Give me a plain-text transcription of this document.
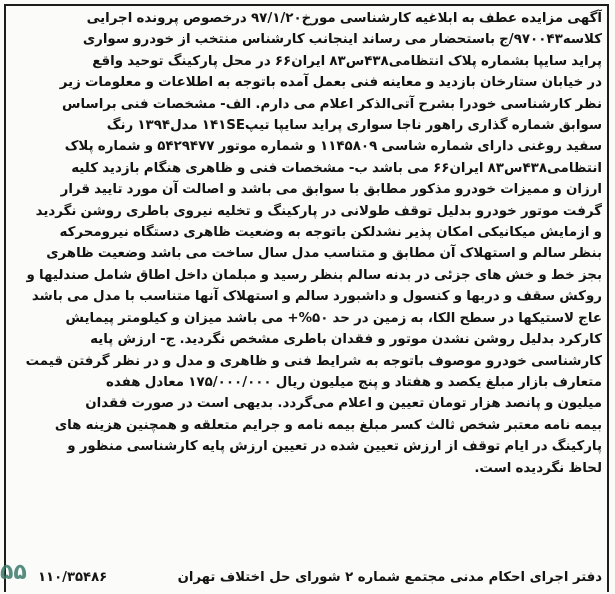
آگهی مزایده عطف به ابلاغیه کارشناسی مورخ۹۷/۱/۲۰ درخصوص پرونده اجرایی
کلاسه۹۷۰۰۴۳/ج باستحضار می رساند اینجانب کارشناس منتخب از خودرو سواری
پراید سایپا بشماره پلاک انتظامی۴۳۸س۸۳ ایران۶۶ در محل پارکینگ توحید واقع
در خیابان ستارخان بازدید و معاینه فنی بعمل آمده باتوجه به اطلاعات و معلومات زیر
نظر کارشناسی خودرا بشرح آتی‌الذکر اعلام می دارم. الف- مشخصات فنی براساس
سوابق شماره گذاری راهور ناجا سواری پراید سایپا تیپ۱۴۱SE مدل۱۳۹۴ رنگ
سفید روغنی دارای شماره شاسی ۱۱۴۵۸۰۹ و شماره موتور ۵۴۲۹۴۷۷ و شماره پلاک
انتظامی۴۳۸س۸۳ ایران۶۶ می باشد ب- مشخصات فنی و ظاهری هنگام بازدید کلیه
ارزان و ممیزات خودرو مذکور مطابق با سوابق می باشد و اصالت آن مورد تایید قرار
گرفت موتور خودرو بدلیل توقف طولانی در پارکینگ و تخلیه نیروی باطری روشن نگردید
و ازمایش میکانیکی امکان پذیر نشدلکن باتوجه به وضعیت ظاهری دستگاه نیرومحرکه
بنظر سالم و استهلاک آن مطابق و متناسب مدل سال ساخت می باشد وضعیت ظاهری
بجز خط و خش های جزئی در بدنه سالم بنظر رسید و مبلمان داخل اطاق شامل صندلیها و
روکش سقف و دربها و کنسول و داشبورد سالم و استهلاک آنها متناسب با مدل می باشد
عاج لاستیکها در سطح الکا، به زمین در حد ۵۰%+ می باشد میزان و کیلومتر پیمایش
کارکرد بدلیل روشن نشدن موتور و فقدان باطری مشخص نگردید. ج- ارزش پایه
کارشناسی خودرو موصوف باتوجه به شرایط فنی و ظاهری و مدل و در نظر گرفتن قیمت
متعارف بازار مبلغ یکصد و هفتاد و پنج میلیون ریال ۱۷۵/۰۰۰/۰۰۰ معادل هفده
میلیون و پانصد هزار تومان تعیین و اعلام می‌گردد. بدیهی است در صورت فقدان
بیمه نامه معتبر شخص ثالث کسر مبلغ بیمه نامه و جرایم متعلقه و همچنین هزینه های
پارکینگ در ایام توقف از ارزش تعیین شده در تعیین ارزش پایه کارشناسی منظور و
لحاظ نگردیده است.
دفتر اجرای احکام مدنی مجتمع شماره ۲ شورای حل اختلاف تهران
۱۱۰/۳۵۴۸۶
۵۵
